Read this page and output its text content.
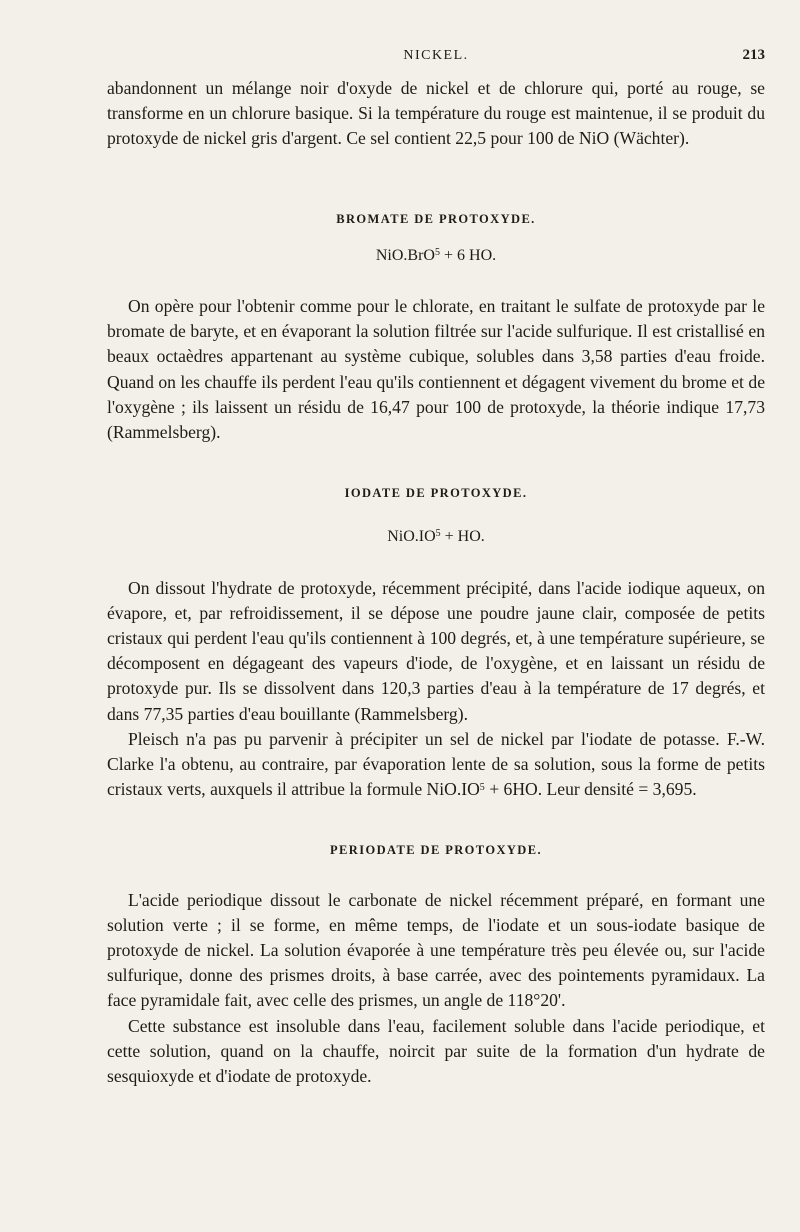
NICKEL.	213

abandonnent un mélange noir d'oxyde de nickel et de chlorure qui, porté au rouge, se transforme en un chlorure basique. Si la température du rouge est maintenue, il se produit du protoxyde de nickel gris d'argent. Ce sel contient 22,5 pour 100 de NiO (Wächter).

BROMATE DE PROTOXYDE.

NiO.BrO$^5$ + 6 HO.

On opère pour l'obtenir comme pour le chlorate, en traitant le sulfate de protoxyde par le bromate de baryte, et en évaporant la solution filtrée sur l'acide sulfurique. Il est cristallisé en beaux octaèdres appartenant au système cubique, solubles dans 3,58 parties d'eau froide. Quand on les chauffe ils perdent l'eau qu'ils contiennent et dégagent vivement du brome et de l'oxygène ; ils laissent un résidu de 16,47 pour 100 de protoxyde, la théorie indique 17,73 (Rammelsberg).

IODATE DE PROTOXYDE.

$NiO.IO^5$ + HO.

On dissout l'hydrate de protoxyde, récemment précipité, dans l'acide iodique aqueux, on évapore, et, par refroidissement, il se dépose une poudre jaune clair, composée de petits cristaux qui perdent l'eau qu'ils contiennent à 100 degrés, et, à une température supérieure, se décomposent en dégageant des vapeurs d'iode, de l'oxygène, et en laissant un résidu de protoxyde pur. Ils se dissolvent dans 120,3 parties d'eau à la température de 17 degrés, et dans 77,35 parties d'eau bouillante (Rammelsberg).

Pleisch n'a pas pu parvenir à précipiter un sel de nickel par l'iodate de potasse. F.-W. Clarke l'a obtenu, au contraire, par évaporation lente de sa solution, sous la forme de petits cristaux verts, auxquels il attribue la formule $NiO.IO^5 + 6HO$. Leur densité = 3,695.

PERIODATE DE PROTOXYDE.

L'acide periodique dissout le carbonate de nickel récemment préparé, en formant une solution verte ; il se forme, en même temps, de l'iodate et un sous-iodate basique de protoxyde de nickel. La solution évaporée à une température très peu élevée ou, sur l'acide sulfurique, donne des prismes droits, à base carrée, avec des pointements pyramidaux. La face pyramidale fait, avec celle des prismes, un angle de 118°20'.

Cette substance est insoluble dans l'eau, facilement soluble dans l'acide periodique, et cette solution, quand on la chauffe, noircit par suite de la formation d'un hydrate de sesquioxyde et d'iodate de protoxyde.
